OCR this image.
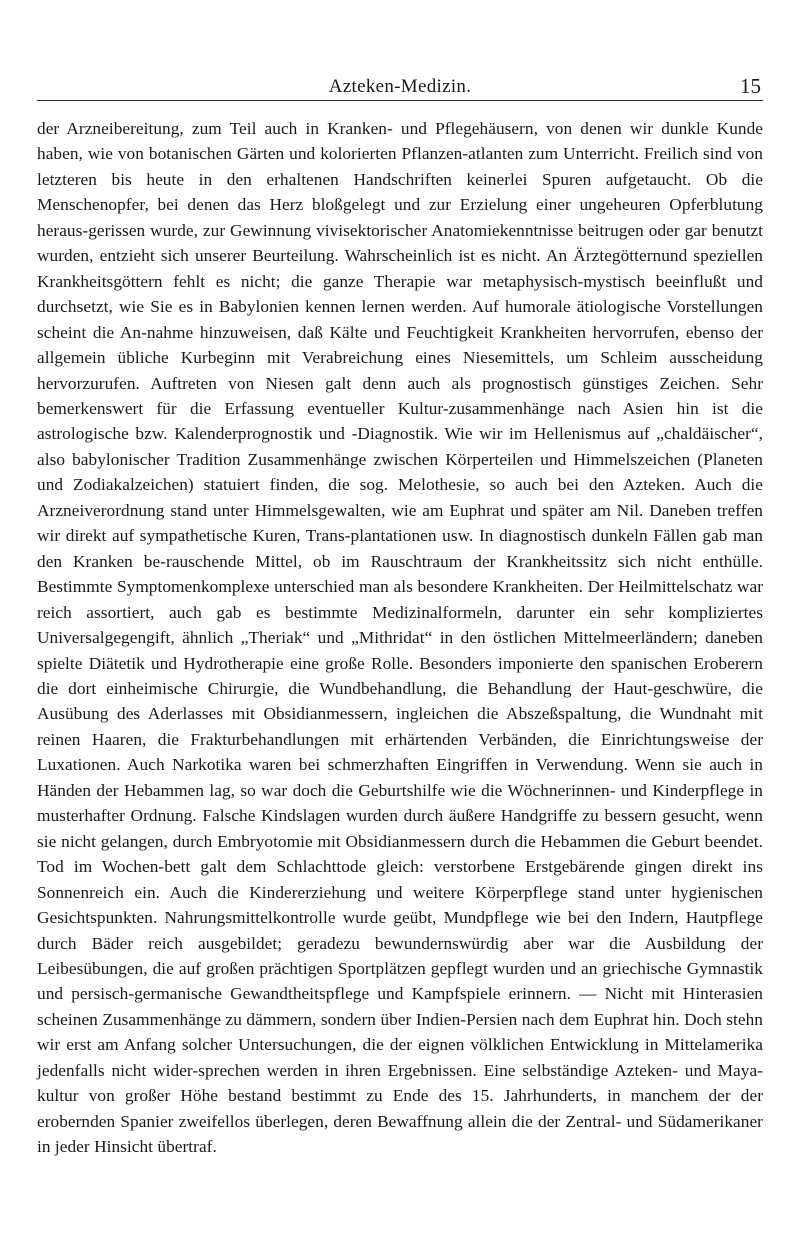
Azteken-Medizin.	15

der Arzneibereitung, zum Teil auch in Kranken- und Pflegehäusern, von denen wir dunkle Kunde haben, wie von botanischen Gärten und kolorierten Pflanzen-atlanten zum Unterricht. Freilich sind von letzteren bis heute in den erhaltenen Handschriften keinerlei Spuren aufgetaucht. Ob die Menschenopfer, bei denen das Herz bloßgelegt und zur Erzielung einer ungeheuren Opferblutung heraus-gerissen wurde, zur Gewinnung vivisektorischer Anatomiekenntnisse beitrugen oder gar benutzt wurden, entzieht sich unserer Beurteilung. Wahrscheinlich ist es nicht. An Ärztegötternund speziellen Krankheitsgöttern fehlt es nicht; die ganze Therapie war metaphysisch-mystisch beeinflußt und durchsetzt, wie Sie es in Babylonien kennen lernen werden. Auf humorale ätiologische Vorstellungen scheint die An-nahme hinzuweisen, daß Kälte und Feuchtigkeit Krankheiten hervorrufen, ebenso der allgemein übliche Kurbeginn mit Verabreichung eines Niesemittels, um Schleim ausscheidung hervorzurufen. Auftreten von Niesen galt denn auch als prognostisch günstiges Zeichen. Sehr bemerkenswert für die Erfassung eventueller Kultur-zusammenhänge nach Asien hin ist die astrologische bzw. Kalenderprognostik und -Diagnostik. Wie wir im Hellenismus auf „chaldäischer“, also babylonischer Tradition Zusammenhänge zwischen Körperteilen und Himmelszeichen (Planeten und Zodiakalzeichen) statuiert finden, die sog. Melothesie, so auch bei den Azteken. Auch die Arzneiverordnung stand unter Himmelsgewalten, wie am Euphrat und später am Nil. Daneben treffen wir direkt auf sympathetische Kuren, Trans-plantationen usw. In diagnostisch dunkeln Fällen gab man den Kranken be-rauschende Mittel, ob im Rauschtraum der Krankheitssitz sich nicht enthülle. Bestimmte Symptomenkomplexe unterschied man als besondere Krankheiten. Der Heilmittelschatz war reich assortiert, auch gab es bestimmte Medizinalformeln, darunter ein sehr kompliziertes Universalgegengift, ähnlich „Theriak“ und „Mithridat“ in den östlichen Mittelmeerländern; daneben spielte Diätetik und Hydrotherapie eine große Rolle. Besonders imponierte den spanischen Eroberern die dort einheimische Chirurgie, die Wundbehandlung, die Behandlung der Haut-geschwüre, die Ausübung des Aderlasses mit Obsidianmessern, ingleichen die Abszeßspaltung, die Wundnaht mit reinen Haaren, die Frakturbehandlungen mit erhärtenden Verbänden, die Einrichtungsweise der Luxationen. Auch Narkotika waren bei schmerzhaften Eingriffen in Verwendung. Wenn sie auch in Händen der Hebammen lag, so war doch die Geburtshilfe wie die Wöchnerinnen- und Kinderpflege in musterhafter Ordnung. Falsche Kindslagen wurden durch äußere Handgriffe zu bessern gesucht, wenn sie nicht gelangen, durch Embryotomie mit Obsidianmessern durch die Hebammen die Geburt beendet. Tod im Wochen-bett galt dem Schlachttode gleich: verstorbene Erstgebärende gingen direkt ins Sonnenreich ein. Auch die Kindererziehung und weitere Körperpflege stand unter hygienischen Gesichtspunkten. Nahrungsmittelkontrolle wurde geübt, Mundpflege wie bei den Indern, Hautpflege durch Bäder reich ausgebildet; geradezu bewundernswürdig aber war die Ausbildung der Leibesübungen, die auf großen prächtigen Sportplätzen gepflegt wurden und an griechische Gymnastik und persisch-germanische Gewandtheitspflege und Kampfspiele erinnern. — Nicht mit Hinterasien scheinen Zusammenhänge zu dämmern, sondern über Indien-Persien nach dem Euphrat hin. Doch stehn wir erst am Anfang solcher Untersuchungen, die der eignen völklichen Entwicklung in Mittelamerika jedenfalls nicht wider-sprechen werden in ihren Ergebnissen. Eine selbständige Azteken- und Maya-kultur von großer Höhe bestand bestimmt zu Ende des 15. Jahrhunderts, in manchem der der erobernden Spanier zweifellos überlegen, deren Bewaffnung allein die der Zentral- und Südamerikaner in jeder Hinsicht übertraf.
